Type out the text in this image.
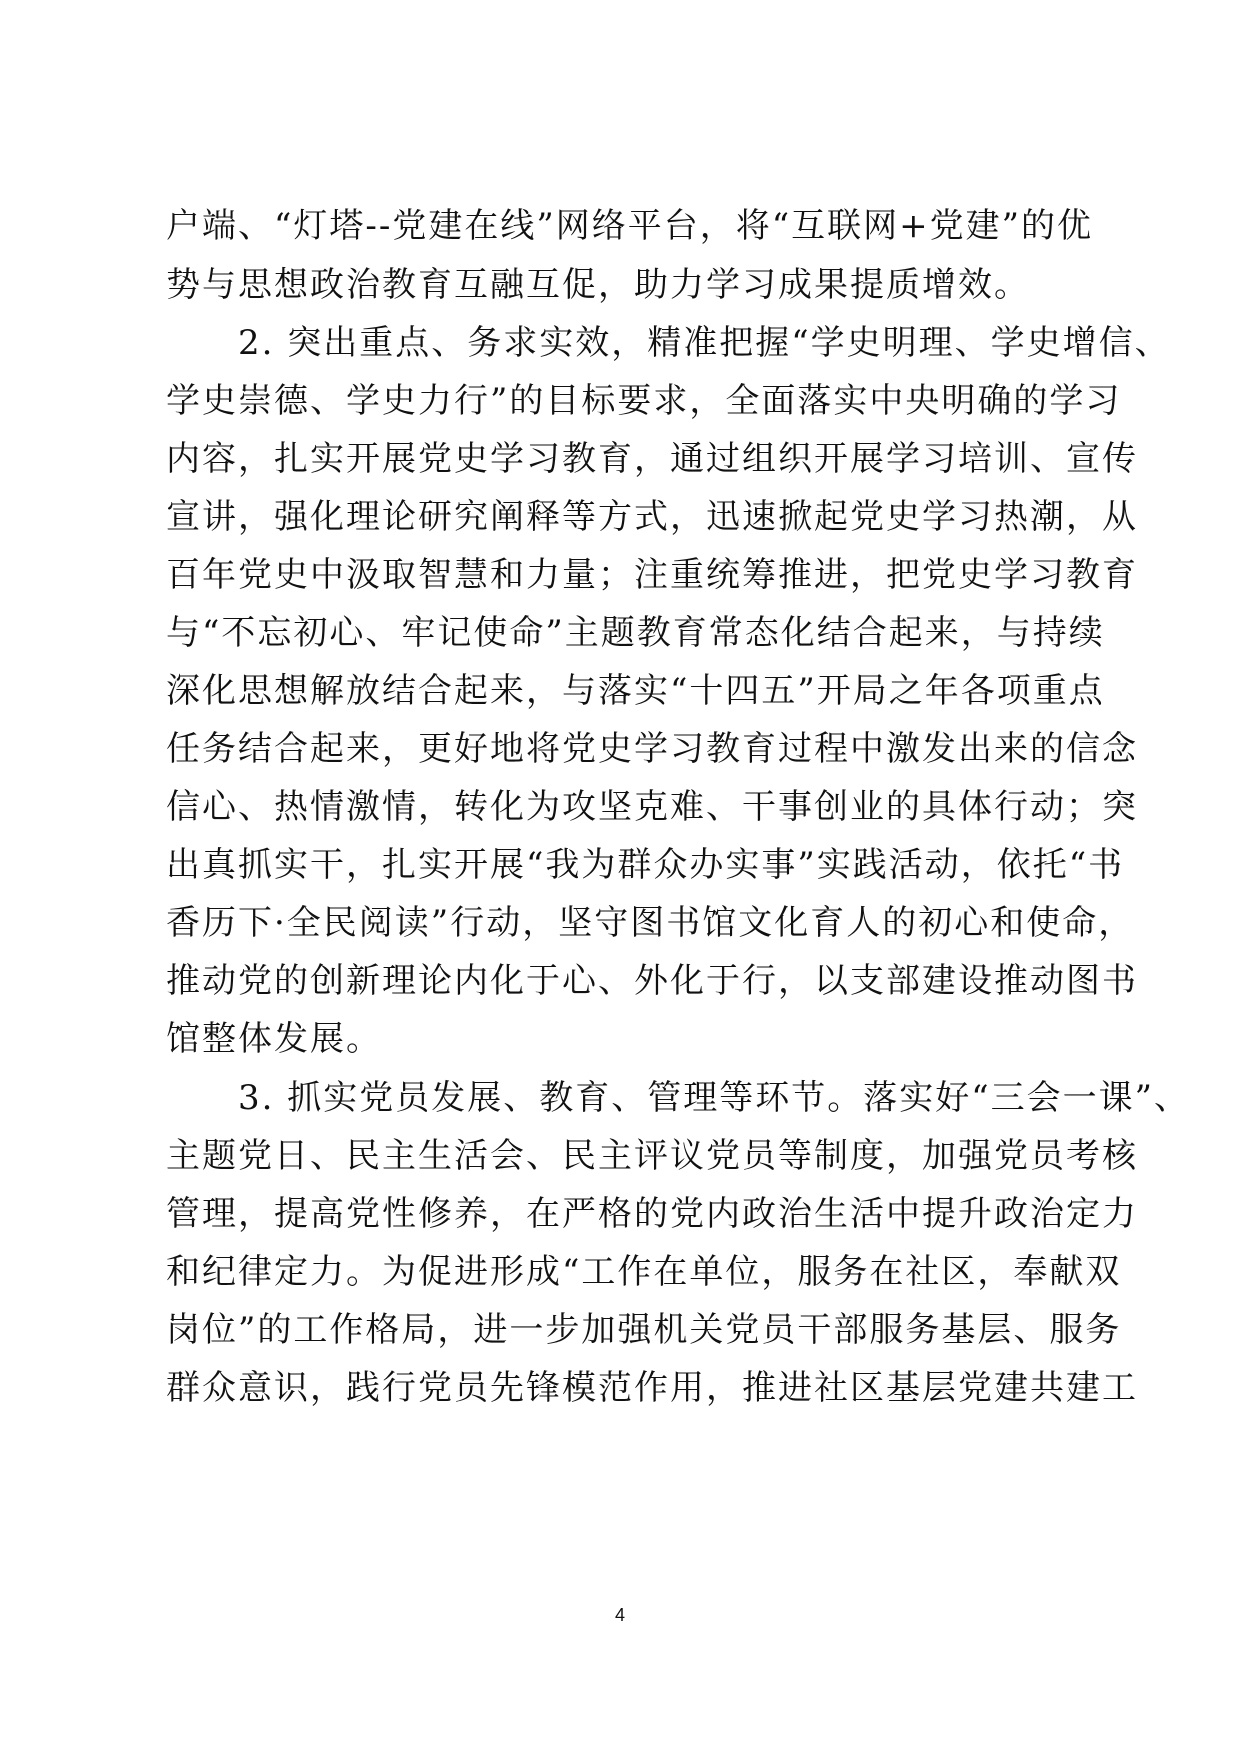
户端、“灯塔--党建在线”网络平台，将“互联网+党建”的优
势与思想政治教育互融互促，助力学习成果提质增效。
　　2. 突出重点、务求实效，精准把握“学史明理、学史增信、
学史崇德、学史力行”的目标要求，全面落实中央明确的学习
内容，扎实开展党史学习教育，通过组织开展学习培训、宣传
宣讲，强化理论研究阐释等方式，迅速掀起党史学习热潮，从
百年党史中汲取智慧和力量；注重统筹推进，把党史学习教育
与“不忘初心、牢记使命”主题教育常态化结合起来，与持续
深化思想解放结合起来，与落实“十四五”开局之年各项重点
任务结合起来，更好地将党史学习教育过程中激发出来的信念
信心、热情激情，转化为攻坚克难、干事创业的具体行动；突
出真抓实干，扎实开展“我为群众办实事”实践活动，依托“书
香历下·全民阅读”行动，坚守图书馆文化育人的初心和使命，
推动党的创新理论内化于心、外化于行，以支部建设推动图书
馆整体发展。
　　3. 抓实党员发展、教育、管理等环节。落实好“三会一课”、
主题党日、民主生活会、民主评议党员等制度，加强党员考核
管理，提高党性修养，在严格的党内政治生活中提升政治定力
和纪律定力。为促进形成“工作在单位，服务在社区，奉献双
岗位”的工作格局，进一步加强机关党员干部服务基层、服务
群众意识，践行党员先锋模范作用，推进社区基层党建共建工
4
